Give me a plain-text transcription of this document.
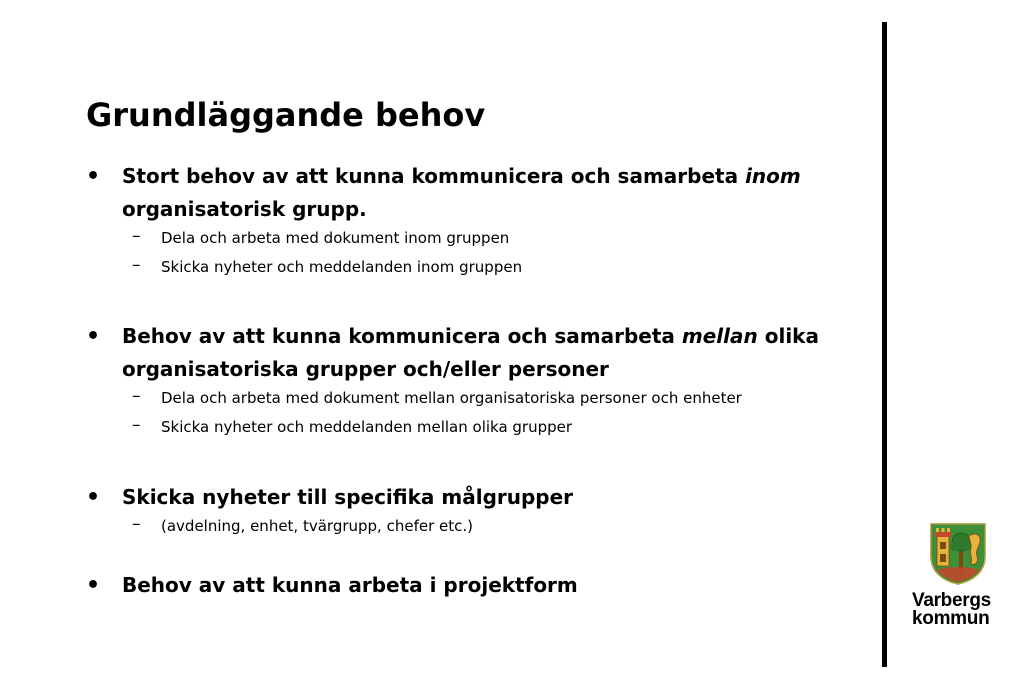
Grundläggande behov
• Stort behov av att kunna kommunicera och samarbeta inom organisatorisk grupp.
– Dela och arbeta med dokument inom gruppen
– Skicka nyheter och meddelanden inom gruppen
• Behov av att kunna kommunicera och samarbeta mellan olika organisatoriska grupper och/eller personer
– Dela och arbeta med dokument mellan organisatoriska personer och enheter
– Skicka nyheter och meddelanden mellan olika grupper
• Skicka nyheter till specifika målgrupper
– (avdelning, enhet, tvärgrupp, chefer etc.)
• Behov av att kunna arbeta i projektform
Varbergs
kommun
